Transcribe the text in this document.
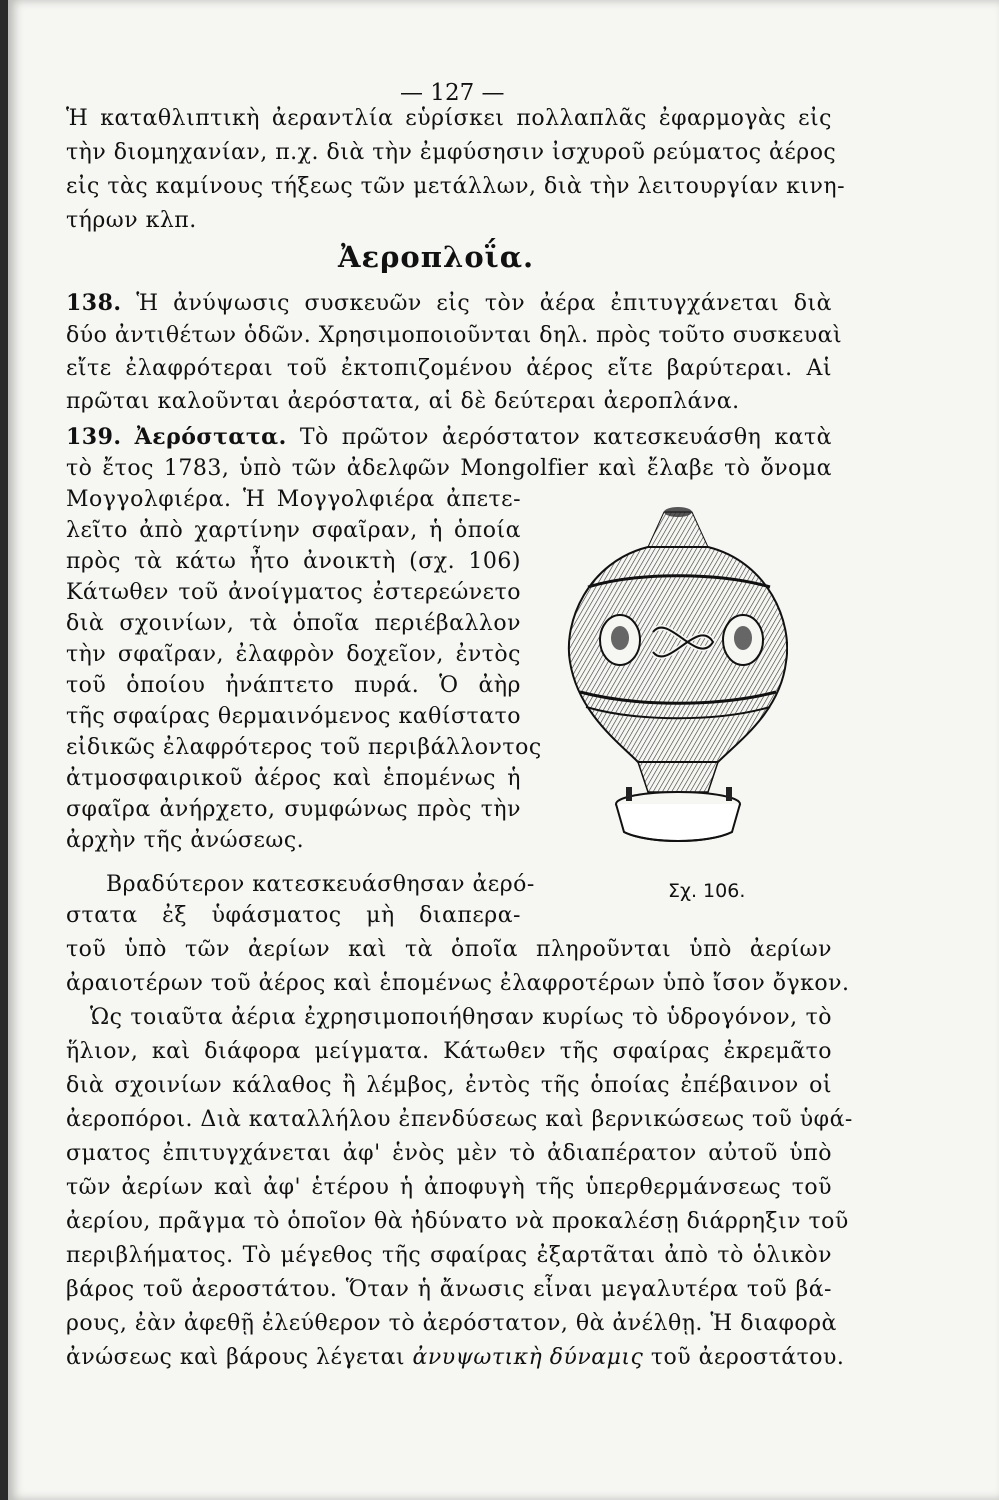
— 127 —
Ἡ καταθλιπτικὴ ἀεραντλία εὑρίσκει πολλαπλᾶς ἐφαρμογὰς εἰς
τὴν διομηχανίαν, π.χ. διὰ τὴν ἐμφύσησιν ἰσχυροῦ ρεύματος ἀέρος
εἰς τὰς καμίνους τήξεως τῶν μετάλλων, διὰ τὴν λειτουργίαν κινη-
τήρων κλπ.
Ἀεροπλοΐα.
138. Ἡ ἀνύψωσις συσκευῶν εἰς τὸν ἀέρα ἐπιτυγχάνεται διὰ
δύο ἀντιθέτων ὁδῶν. Χρησιμοποιοῦνται δηλ. πρὸς τοῦτο συσκευαὶ
εἴτε ἐλαφρότεραι τοῦ ἐκτοπιζομένου ἀέρος εἴτε βαρύτεραι. Αἱ
πρῶται καλοῦνται ἀερόστατα, αἱ δὲ δεύτεραι ἀεροπλάνα.
139. Ἀερόστατα. Τὸ πρῶτον ἀερόστατον κατεσκευάσθη κατὰ
τὸ ἔτος 1783, ὑπὸ τῶν ἀδελφῶν Mongolfier καὶ ἔλαβε τὸ ὄνομα
Μογγολφιέρα. Ἡ Μογγολφιέρα ἀπετε-
λεῖτο ἀπὸ χαρτίνην σφαῖραν, ἡ ὁποία
πρὸς τὰ κάτω ἦτο ἀνοικτὴ (σχ. 106)
Κάτωθεν τοῦ ἀνοίγματος ἐστερεώνετο
διὰ σχοινίων, τὰ ὁποῖα περιέβαλλον
τὴν σφαῖραν, ἐλαφρὸν δοχεῖον, ἐντὸς
τοῦ ὁποίου ἠνάπτετο πυρά. Ὁ ἀὴρ
τῆς σφαίρας θερμαινόμενος καθίστατο
εἰδικῶς ἐλαφρότερος τοῦ περιβάλλοντος
ἀτμοσφαιρικοῦ ἀέρος καὶ ἑπομένως ἡ
σφαῖρα ἀνήρχετο, συμφώνως πρὸς τὴν
ἀρχὴν τῆς ἀνώσεως.
Βραδύτερον κατεσκευάσθησαν ἀερό-
στατα ἐξ ὑφάσματος μὴ διαπερα-
τοῦ ὑπὸ τῶν ἀερίων καὶ τὰ ὁποῖα πληροῦνται ὑπὸ ἀερίων
ἀραιοτέρων τοῦ ἀέρος καὶ ἑπομένως ἐλαφροτέρων ὑπὸ ἴσον ὄγκον.
Ὡς τοιαῦτα ἀέρια ἐχρησιμοποιήθησαν κυρίως τὸ ὑδρογόνον, τὸ
ἥλιον, καὶ διάφορα μείγματα. Κάτωθεν τῆς σφαίρας ἐκρεμᾶτο
διὰ σχοινίων κάλαθος ἢ λέμβος, ἐντὸς τῆς ὁποίας ἐπέβαινον οἱ
ἀεροπόροι. Διὰ καταλλήλου ἐπενδύσεως καὶ βερνικώσεως τοῦ ὑφά-
σματος ἐπιτυγχάνεται ἀφ' ἑνὸς μὲν τὸ ἀδιαπέρατον αὐτοῦ ὑπὸ
τῶν ἀερίων καὶ ἀφ' ἑτέρου ἡ ἀποφυγὴ τῆς ὑπερθερμάνσεως τοῦ
ἀερίου, πρᾶγμα τὸ ὁποῖον θὰ ἠδύνατο νὰ προκαλέσῃ διάρρηξιν τοῦ
περιβλήματος. Τὸ μέγεθος τῆς σφαίρας ἐξαρτᾶται ἀπὸ τὸ ὁλικὸν
βάρος τοῦ ἀεροστάτου. Ὅταν ἡ ἄνωσις εἶναι μεγαλυτέρα τοῦ βά-
ρους, ἐὰν ἀφεθῇ ἐλεύθερον τὸ ἀερόστατον, θὰ ἀνέλθῃ. Ἡ διαφορὰ
ἀνώσεως καὶ βάρους λέγεται ἀνυψωτικὴ δύναμις τοῦ ἀεροστάτου.
Σχ. 106.
